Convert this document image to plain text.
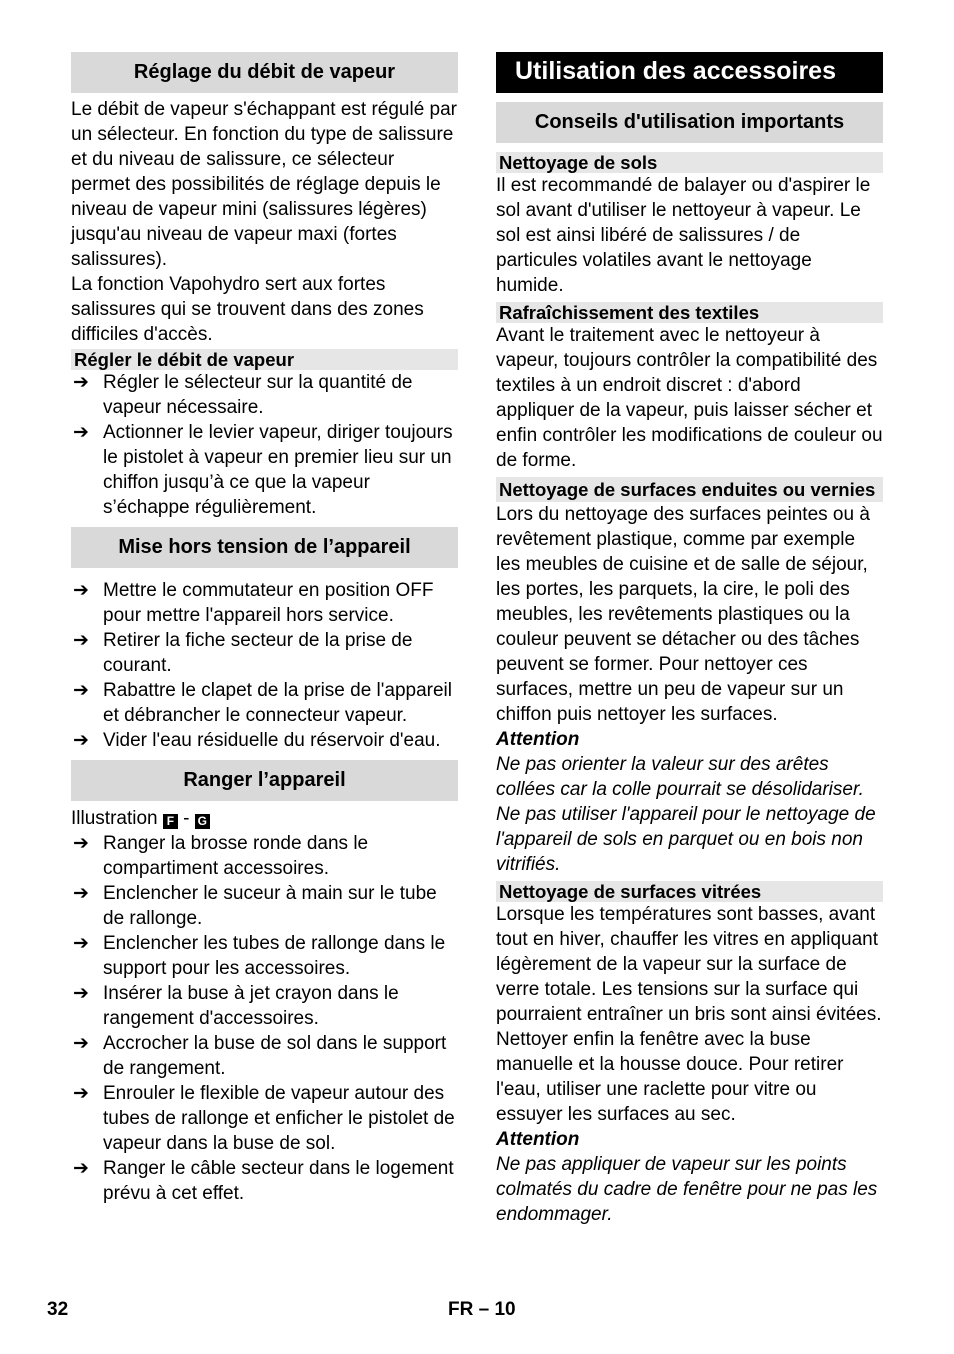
Réglage du débit de vapeur

Le débit de vapeur s'échappant est régulé par un sélecteur. En fonction du type de salissure et du niveau de salissure, ce sélecteur permet des possibilités de réglage depuis le niveau de vapeur mini (salissures légères) jusqu'au niveau de vapeur maxi (fortes salissures).

La fonction Vapohydro sert aux fortes salissures qui se trouvent dans des zones difficiles d'accès.

Régler le débit de vapeur
➔ Régler le sélecteur sur la quantité de vapeur nécessaire.
➔ Actionner le levier vapeur, diriger toujours le pistolet à vapeur en premier lieu sur un chiffon jusqu’à ce que la vapeur s’échappe régulièrement.
Mise hors tension de l’appareil
➔ Mettre le commutateur en position OFF pour mettre l'appareil hors service.
➔ Retirer la fiche secteur de la prise de courant.
➔ Rabattre le clapet de la prise de l'appareil et débrancher le connecteur vapeur.
➔ Vider l'eau résiduelle du réservoir d'eau.
Ranger l’appareil
Illustration F - G
➔ Ranger la brosse ronde dans le compartiment accessoires.
➔ Enclencher le suceur à main sur le tube de rallonge.
➔ Enclencher les tubes de rallonge dans le support pour les accessoires.
➔ Insérer la buse à jet crayon dans le rangement d'accessoires.
➔ Accrocher la buse de sol dans le support de rangement.
➔ Enrouler le flexible de vapeur autour des tubes de rallonge et enficher le pistolet de vapeur dans la buse de sol.
➔ Ranger le câble secteur dans le logement prévu à cet effet.
Utilisation des accessoires
Conseils d'utilisation importants
Nettoyage de sols

Il est recommandé de balayer ou d'aspirer le sol avant d'utiliser le nettoyeur à vapeur. Le sol est ainsi libéré de salissures / de particules volatiles avant le nettoyage humide.

Rafraîchissement des textiles

Avant le traitement avec le nettoyeur à vapeur, toujours contrôler la compatibilité des textiles à un endroit discret : d'abord appliquer de la vapeur, puis laisser sécher et enfin contrôler les modifications de couleur ou de forme.

Nettoyage de surfaces enduites ou vernies

Lors du nettoyage des surfaces peintes ou à revêtement plastique, comme par exemple les meubles de cuisine et de salle de séjour, les portes, les parquets, la cire, le poli des meubles, les revêtements plastiques ou la couleur peuvent se détacher ou des tâches peuvent se former. Pour nettoyer ces surfaces, mettre un peu de vapeur sur un chiffon puis nettoyer les surfaces.

Attention

Ne pas orienter la valeur sur des arêtes collées car la colle pourrait se désolidariser.

Ne pas utiliser l'appareil pour le nettoyage de l'appareil de sols en parquet ou en bois non vitrifiés.

Nettoyage de surfaces vitrées

Lorsque les températures sont basses, avant tout en hiver, chauffer les vitres en appliquant légèrement de la vapeur sur la surface de verre totale. Les tensions sur la surface qui pourraient entraîner un bris sont ainsi évitées.

Nettoyer enfin la fenêtre avec la buse manuelle et la housse douce. Pour retirer l'eau, utiliser une raclette pour vitre ou essuyer les surfaces au sec.

Attention

Ne pas appliquer de vapeur sur les points colmatés du cadre de fenêtre pour ne pas les endommager.

32	FR – 10
